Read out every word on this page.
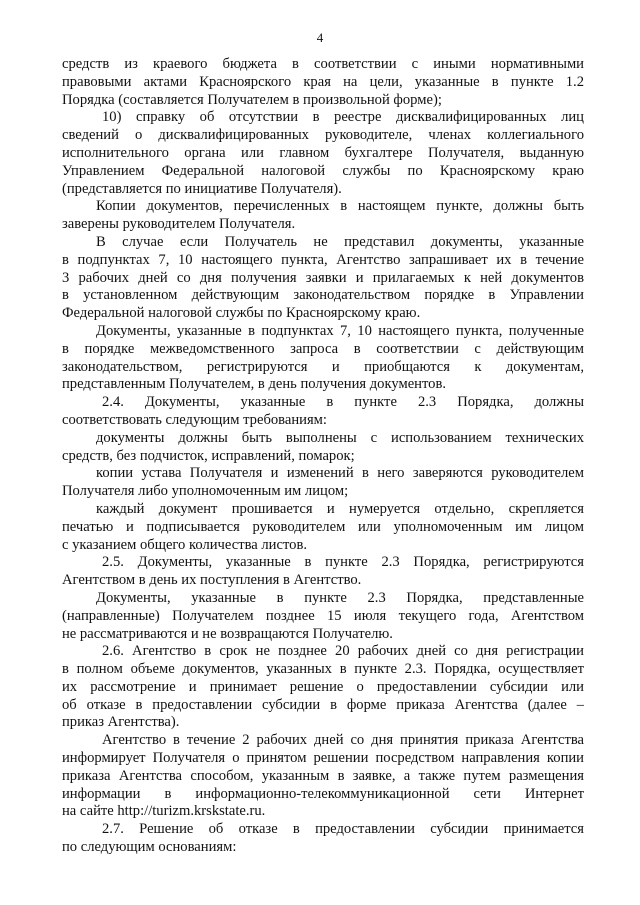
4
средств из краевого бюджета в соответствии с иными нормативными
правовыми актами Красноярского края на цели, указанные в пункте 1.2
Порядка (составляется Получателем в произвольной форме);
10) справку об отсутствии в реестре дисквалифицированных лиц
сведений о дисквалифицированных руководителе, членах коллегиального
исполнительного органа или главном бухгалтере Получателя, выданную
Управлением Федеральной налоговой службы по Красноярскому краю
(представляется по инициативе Получателя).
Копии документов, перечисленных в настоящем пункте, должны быть
заверены руководителем Получателя.
В случае если Получатель не представил документы, указанные
в подпунктах 7, 10 настоящего пункта, Агентство запрашивает их в течение
3 рабочих дней со дня получения заявки и прилагаемых к ней документов
в установленном действующим законодательством порядке в Управлении
Федеральной налоговой службы по Красноярскому краю.
Документы, указанные в подпунктах 7, 10 настоящего пункта, полученные
в порядке межведомственного запроса в соответствии с действующим
законодательством, регистрируются и приобщаются к документам,
представленным Получателем, в день получения документов.
2.4. Документы, указанные в пункте 2.3 Порядка, должны
соответствовать следующим требованиям:
документы должны быть выполнены с использованием технических
средств, без подчисток, исправлений, помарок;
копии устава Получателя и изменений в него заверяются руководителем
Получателя либо уполномоченным им лицом;
каждый документ прошивается и нумеруется отдельно, скрепляется
печатью и подписывается руководителем или уполномоченным им лицом
с указанием общего количества листов.
2.5. Документы, указанные в пункте 2.3 Порядка, регистрируются
Агентством в день их поступления в Агентство.
Документы, указанные в пункте 2.3 Порядка, представленные
(направленные) Получателем позднее 15 июля текущего года, Агентством
не рассматриваются и не возвращаются Получателю.
2.6. Агентство в срок не позднее 20 рабочих дней со дня регистрации
в полном объеме документов, указанных в пункте 2.3. Порядка, осуществляет
их рассмотрение и принимает решение о предоставлении субсидии или
об отказе в предоставлении субсидии в форме приказа Агентства (далее –
приказ Агентства).
Агентство в течение 2 рабочих дней со дня принятия приказа Агентства
информирует Получателя о принятом решении посредством направления копии
приказа Агентства способом, указанным в заявке, а также путем размещения
информации в информационно-телекоммуникационной сети Интернет
на сайте http://turizm.krskstate.ru.
2.7. Решение об отказе в предоставлении субсидии принимается
по следующим основаниям:
